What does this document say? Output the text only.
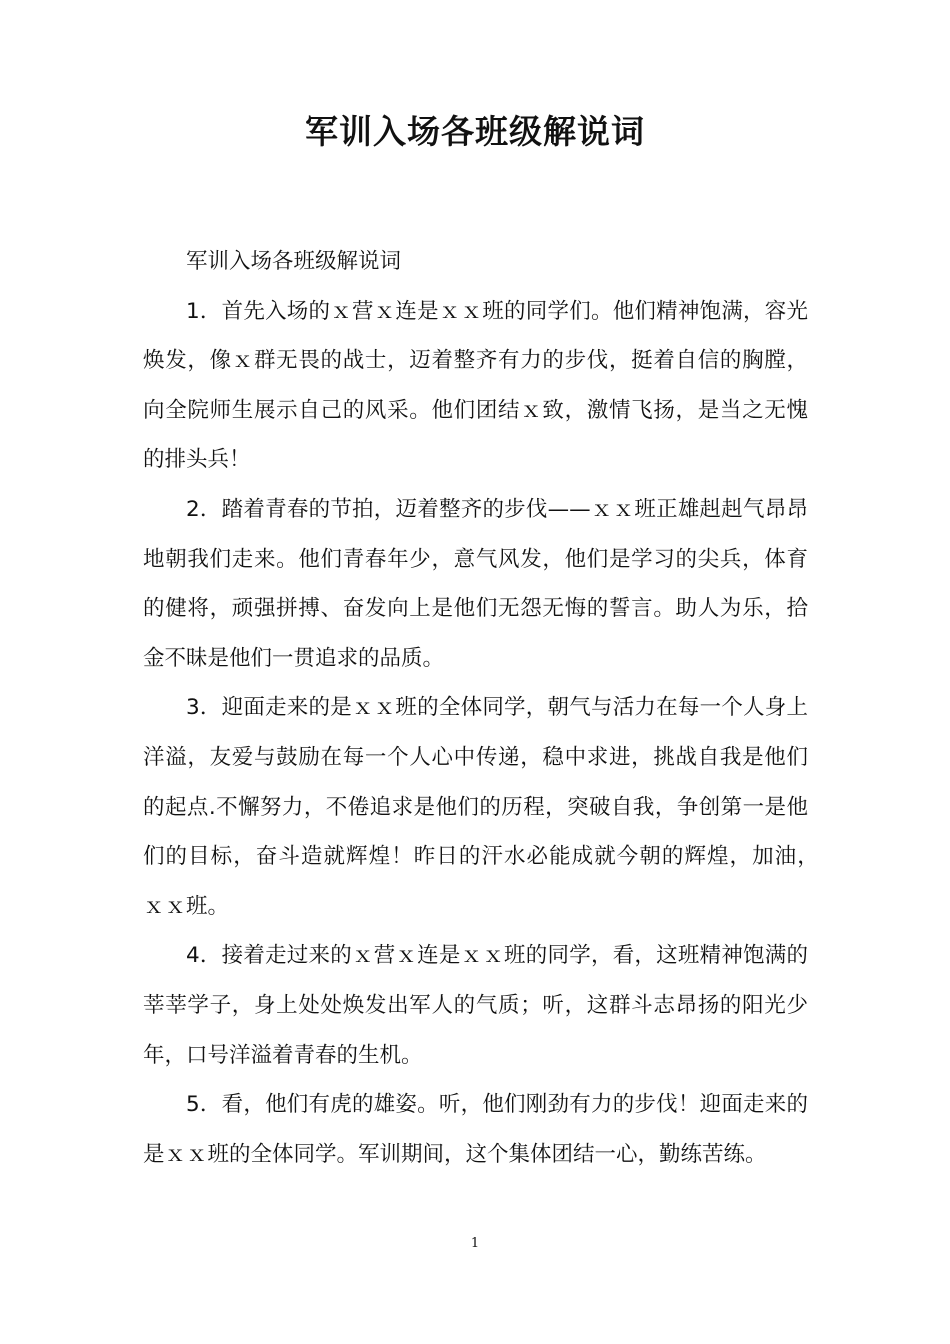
军训入场各班级解说词

军训入场各班级解说词

1．首先入场的ｘ营ｘ连是ｘｘ班的同学们。他们精神饱满，容光焕发，像ｘ群无畏的战士，迈着整齐有力的步伐，挺着自信的胸膛，向全院师生展示自己的风采。他们团结ｘ致，激情飞扬，是当之无愧的排头兵！

2．踏着青春的节拍，迈着整齐的步伐——ｘｘ班正雄赳赳气昂昂地朝我们走来。他们青春年少，意气风发，他们是学习的尖兵，体育的健将，顽强拼搏、奋发向上是他们无怨无悔的誓言。助人为乐，拾金不昧是他们一贯追求的品质。

3．迎面走来的是ｘｘ班的全体同学，朝气与活力在每一个人身上洋溢，友爱与鼓励在每一个人心中传递，稳中求进，挑战自我是他们的起点.不懈努力，不倦追求是他们的历程，突破自我，争创第一是他们的目标，奋斗造就辉煌！昨日的汗水必能成就今朝的辉煌，加油，　ｘｘ班。

4．接着走过来的ｘ营ｘ连是ｘｘ班的同学，看，这班精神饱满的莘莘学子，身上处处焕发出军人的气质；听，这群斗志昂扬的阳光少年，口号洋溢着青春的生机。

5．看，他们有虎的雄姿。听，他们刚劲有力的步伐！迎面走来的是ｘｘ班的全体同学。军训期间，这个集体团结一心，勤练苦练。

1
